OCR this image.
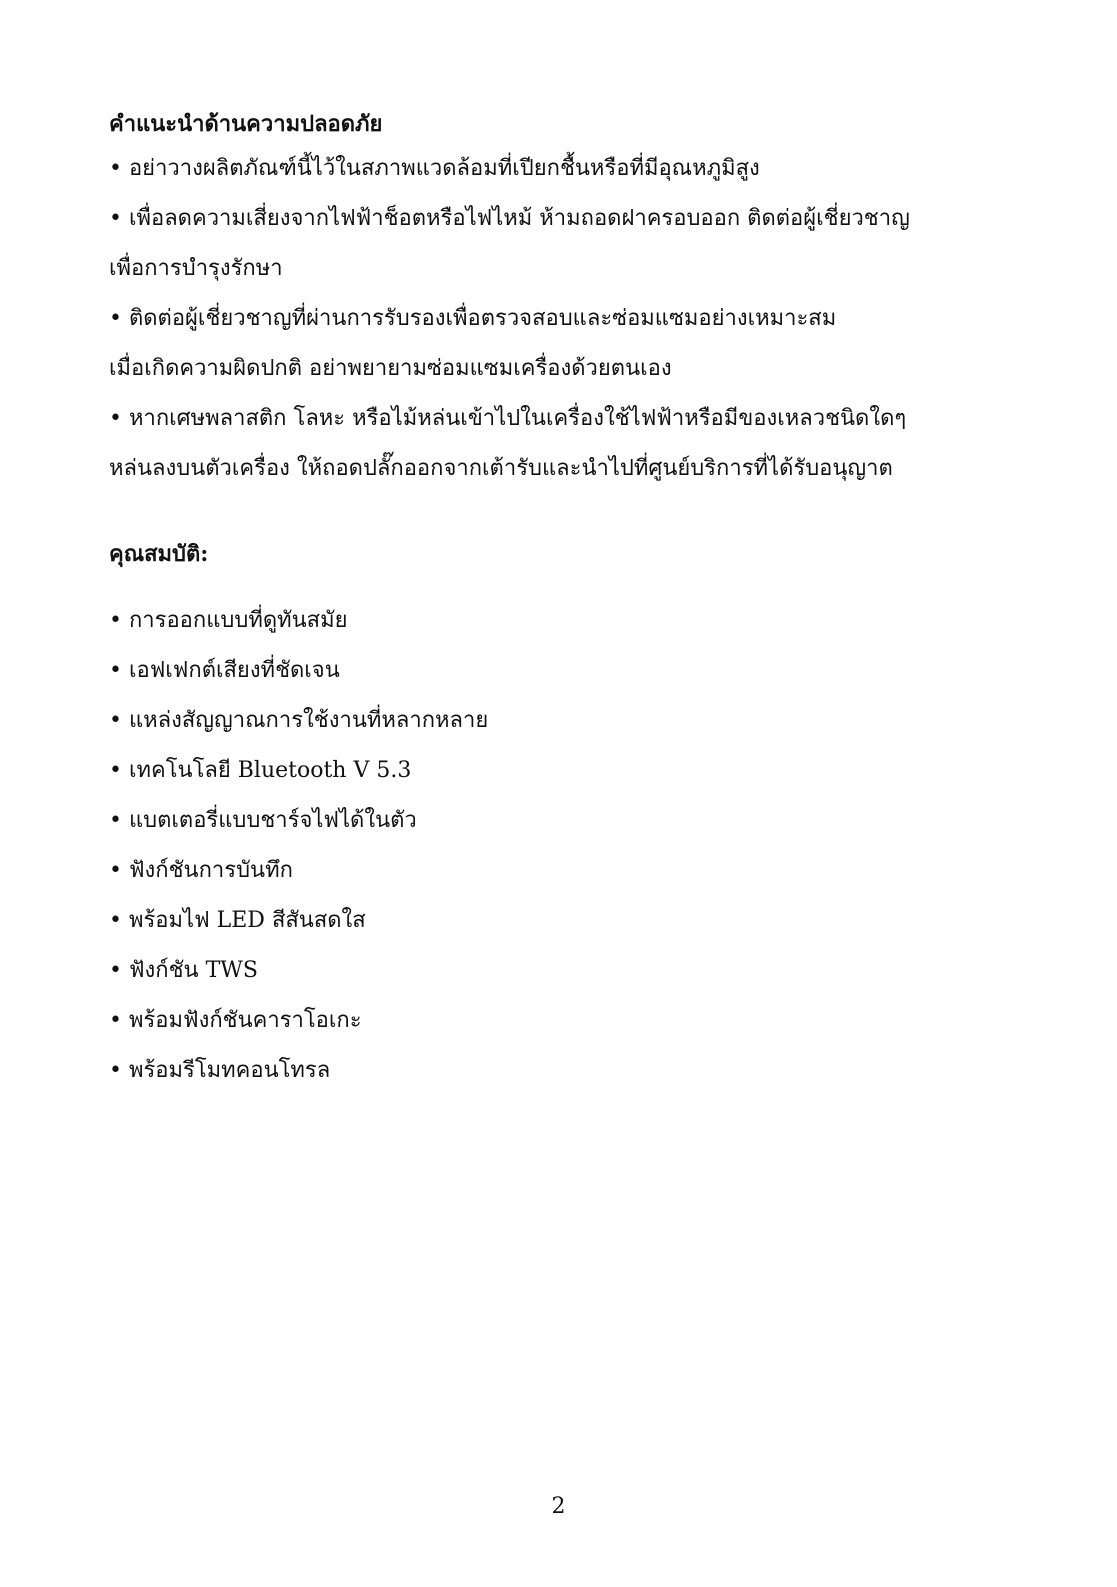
คำแนะนำด้านความปลอดภัย
• อย่าวางผลิตภัณฑ์นี้ไว้ในสภาพแวดล้อมที่เปียกชื้นหรือที่มีอุณหภูมิสูง
• เพื่อลดความเสี่ยงจากไฟฟ้าช็อตหรือไฟไหม้ ห้ามถอดฝาครอบออก ติดต่อผู้เชี่ยวชาญ
เพื่อการบำรุงรักษา
• ติดต่อผู้เชี่ยวชาญที่ผ่านการรับรองเพื่อตรวจสอบและซ่อมแซมอย่างเหมาะสม
เมื่อเกิดความผิดปกติ อย่าพยายามซ่อมแซมเครื่องด้วยตนเอง
• หากเศษพลาสติก โลหะ หรือไม้หล่นเข้าไปในเครื่องใช้ไฟฟ้าหรือมีของเหลวชนิดใดๆ
หล่นลงบนตัวเครื่อง ให้ถอดปลั๊กออกจากเต้ารับและนำไปที่ศูนย์บริการที่ได้รับอนุญาต
คุณสมบัติ:
• การออกแบบที่ดูทันสมัย
• เอฟเฟกต์เสียงที่ชัดเจน
• แหล่งสัญญาณการใช้งานที่หลากหลาย
• เทคโนโลยี Bluetooth V 5.3
• แบตเตอรี่แบบชาร์จไฟได้ในตัว
• ฟังก์ชันการบันทึก
• พร้อมไฟ LED สีสันสดใส
• ฟังก์ชัน TWS
• พร้อมฟังก์ชันคาราโอเกะ
• พร้อมรีโมทคอนโทรล
2
